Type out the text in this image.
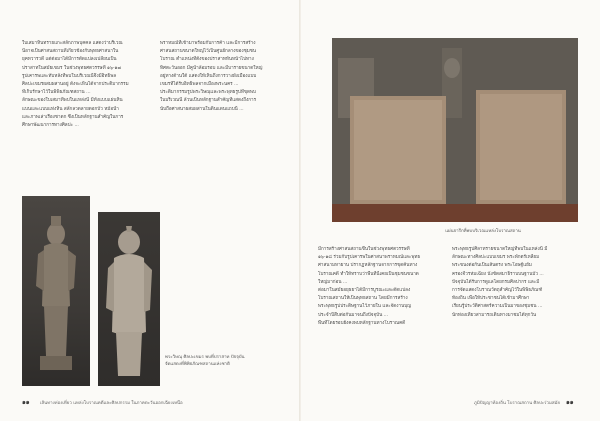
ใบเสมาหินทรายแกะสลักภาพบุคคล แสดงว่าบริเวณ
นี้อาจเป็นศาสนสถานที่เกี่ยวข้องกับพุทธศาสนาใน
ยุคทวารวดี แต่ต่อมาได้มีการดัดแปลงเปลี่ยนเป็น
ปราสาทในสมัยเขมร ในช่วงพุทธศตวรรษที่ ๑๖-๑๗
รูปเคารพและทับหลังที่พบในบริเวณนี้จึงมีอิทธิพล
ศิลปะเขมรผสมผสานอยู่ ดังจะเห็นได้จากประติมากรรม
ที่เก็บรักษาไว้ในพิพิธภัณฑสถาน ...
ลักษณะของใบเสมาที่พบในแหล่งนี้ มีทั้งแบบแผ่นหิน
แบนและแบบแท่งหิน สลักลวดลายดอกบัว หม้อน้ำ
และภาพเล่าเรื่องชาดก ซึ่งเป็นหลักฐานสำคัญในการ
ศึกษาพัฒนาการทางศิลปะ ...
พราหมณ์ที่เข้ามาพร้อมกับการค้า และมีการสร้าง
ศาสนสถานขนาดใหญ่ไว้เป็นศูนย์กลางของชุมชน
โบราณ ตำแหน่งที่ตั้งของปราสาทหันหน้าไปทาง
ทิศตะวันออก มีคูน้ำล้อมรอบ และมีบารายขนาดใหญ่
อยู่ทางด้านใต้ แสดงให้เห็นถึงการวางผังเมืองแบบ
เขมรที่ได้รับอิทธิพลจากเมืองพระนคร ...
ประติมากรรมรูปพระวิษณุและพระพุทธรูปที่ขุดพบ
ในบริเวณนี้ ล้วนเป็นหลักฐานสำคัญที่แสดงถึงการ
นับถือศาสนาผสมผสานในดินแดนแถบนี้ ...
พระวิษณุ ศิลปะเขมร พบที่ปราสาท ปัจจุบันจัดแสดงที่พิพิธภัณฑสถานแห่งชาติ
๑๑ เส้นทางท่องเที่ยว แหล่งโบราณคดีและศิลปกรรม ในภาคตะวันออกเฉียงเหนือ
แผ่นจารึกที่พบบริเวณแหล่งโบราณสถาน
มีการสร้างศาสนสถานขึ้นในช่วงพุทธศตวรรษที่
๑๖-๑๘ ร่วมกับรูปเคารพในศาสนาพราหมณ์และพุทธ
ศาสนามหายาน ปรากฏหลักฐานจากการขุดค้นทาง
โบราณคดี ทำให้ทราบว่าพื้นที่นี้เคยเป็นชุมชนขนาด
ใหญ่มาก่อน ...
ต่อมาในสมัยอยุธยาได้มีการบูรณะและดัดแปลง
โบราณสถานให้เป็นพุทธสถาน โดยมีการสร้าง
พระพุทธรูปประดิษฐานไว้ภายใน และจัดงานบุญ
ประจำปีสืบต่อกันมาจนถึงปัจจุบัน ...
พื้นที่โดยรอบยังคงพบหลักฐานทางโบราณคดี
พระพุทธรูปศิลาทรายขนาดใหญ่ที่พบในแหล่งนี้ มี
ลักษณะทางศิลปะแบบเขมร พระพักตร์เหลี่ยม
พระขนงต่อกันเป็นเส้นตรง พระโอษฐ์แย้ม
ครองจีวรห่มเฉียง นั่งขัดสมาธิราบบนฐานบัว ...
ปัจจุบันได้รับการดูแลโดยกรมศิลปากร และมี
การจัดแสดงโบราณวัตถุสำคัญไว้ในพิพิธภัณฑ์
ท้องถิ่น เพื่อให้ประชาชนได้เข้ามาศึกษา
เรียนรู้ประวัติศาสตร์ความเป็นมาของชุมชน ...
นักท่องเที่ยวสามารถเดินทางมาชมได้ทุกวัน
ภูมิปัญญาท้องถิ่น โบราณสถาน ศิลปะร่วมสมัย ๑๑
